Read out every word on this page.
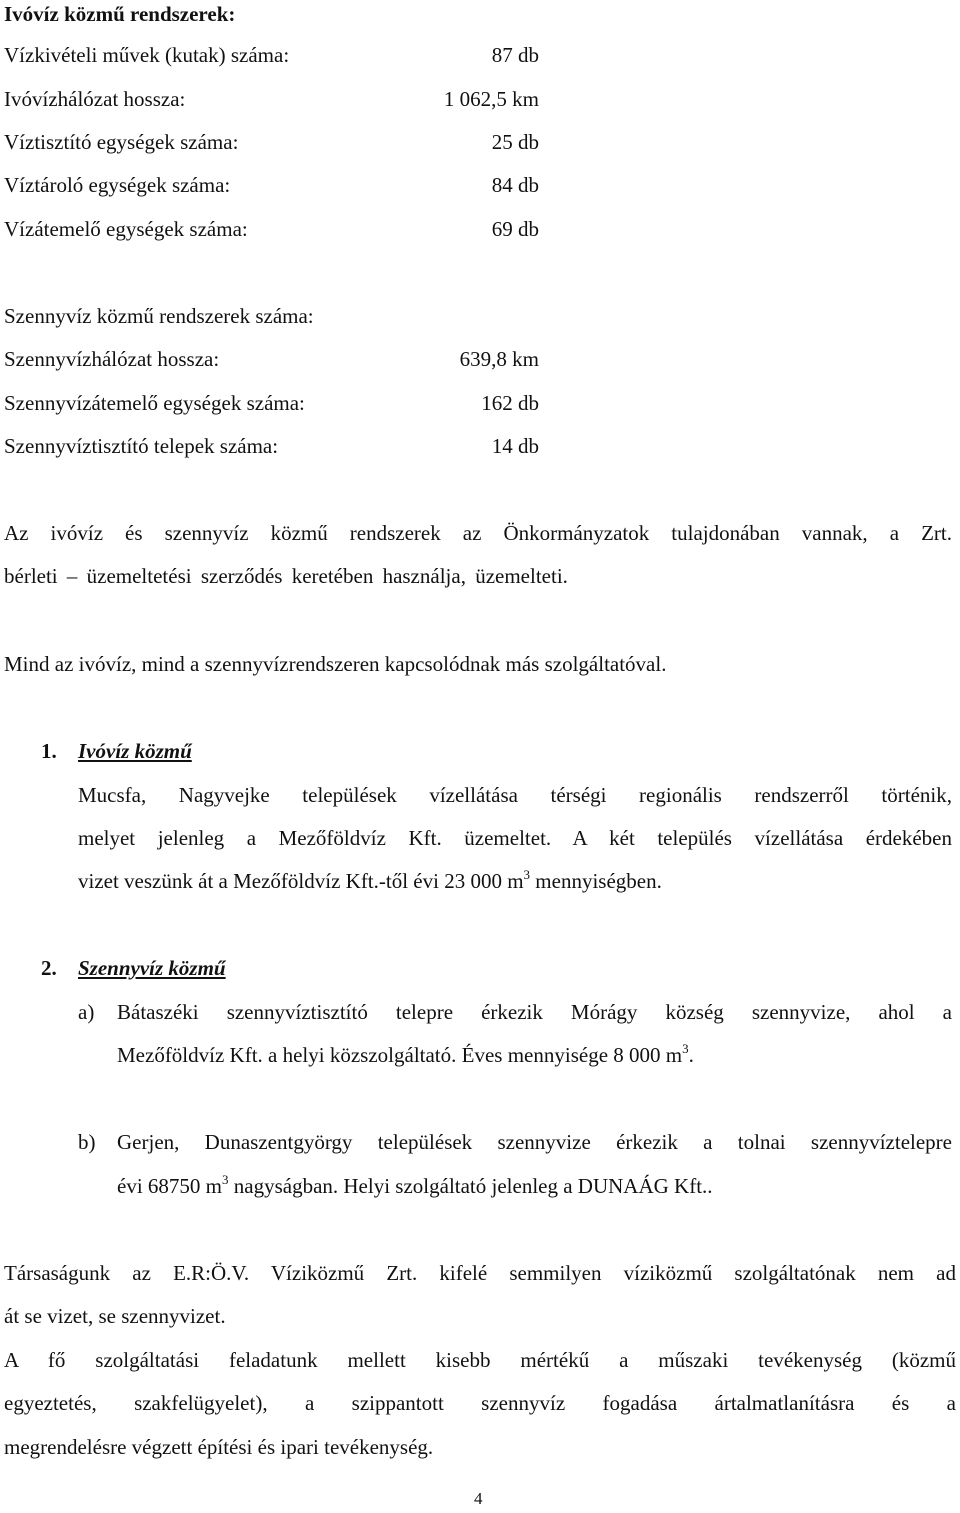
Ivóvíz közmű rendszerek:
Vízkivételi művek (kutak) száma:	87 db
Ivóvízhálózat hossza:	1 062,5 km
Víztisztító egységek száma:	25 db
Víztároló egységek száma:	84 db
Vízátemelő egységek száma:	69 db
Szennyvíz közmű rendszerek száma:
Szennyvízhálózat hossza:	639,8 km
Szennyvízátemelő egységek száma:	162 db
Szennyvíztisztító telepek száma:	14 db
Az ivóvíz és szennyvíz közmű rendszerek az Önkormányzatok tulajdonában vannak, a Zrt.
bérleti – üzemeltetési szerződés keretében használja, üzemelteti.
Mind az ivóvíz, mind a szennyvízrendszeren kapcsolódnak más szolgáltatóval.
1. Ivóvíz közmű
Mucsfa, Nagyvejke települések vízellátása térségi regionális rendszerről történik,
melyet jelenleg a Mezőföldvíz Kft. üzemeltet. A két település vízellátása érdekében
vizet veszünk át a Mezőföldvíz Kft.-től évi 23 000 $m^3$ mennyiségben.
2. Szennyvíz közmű
a) Bátaszéki szennyvíztisztító telepre érkezik Mórágy község szennyvize, ahol a
Mezőföldvíz Kft. a helyi közszolgáltató. Éves mennyisége 8 000 $m^3$.
b) Gerjen, Dunaszentgyörgy települések szennyvize érkezik a tolnai szennyvíztelepre
évi 68750 $m^3$ nagyságban. Helyi szolgáltató jelenleg a DUNAÁG Kft..
Társaságunk az E.R:Ö.V. Víziközmű Zrt. kifelé semmilyen víziközmű szolgáltatónak nem ad
át se vizet, se szennyvizet.
A fő szolgáltatási feladatunk mellett kisebb mértékű a műszaki tevékenység (közmű
egyeztetés, szakfelügyelet), a szippantott szennyvíz fogadása ártalmatlanításra és a
megrendelésre végzett építési és ipari tevékenység.
4
